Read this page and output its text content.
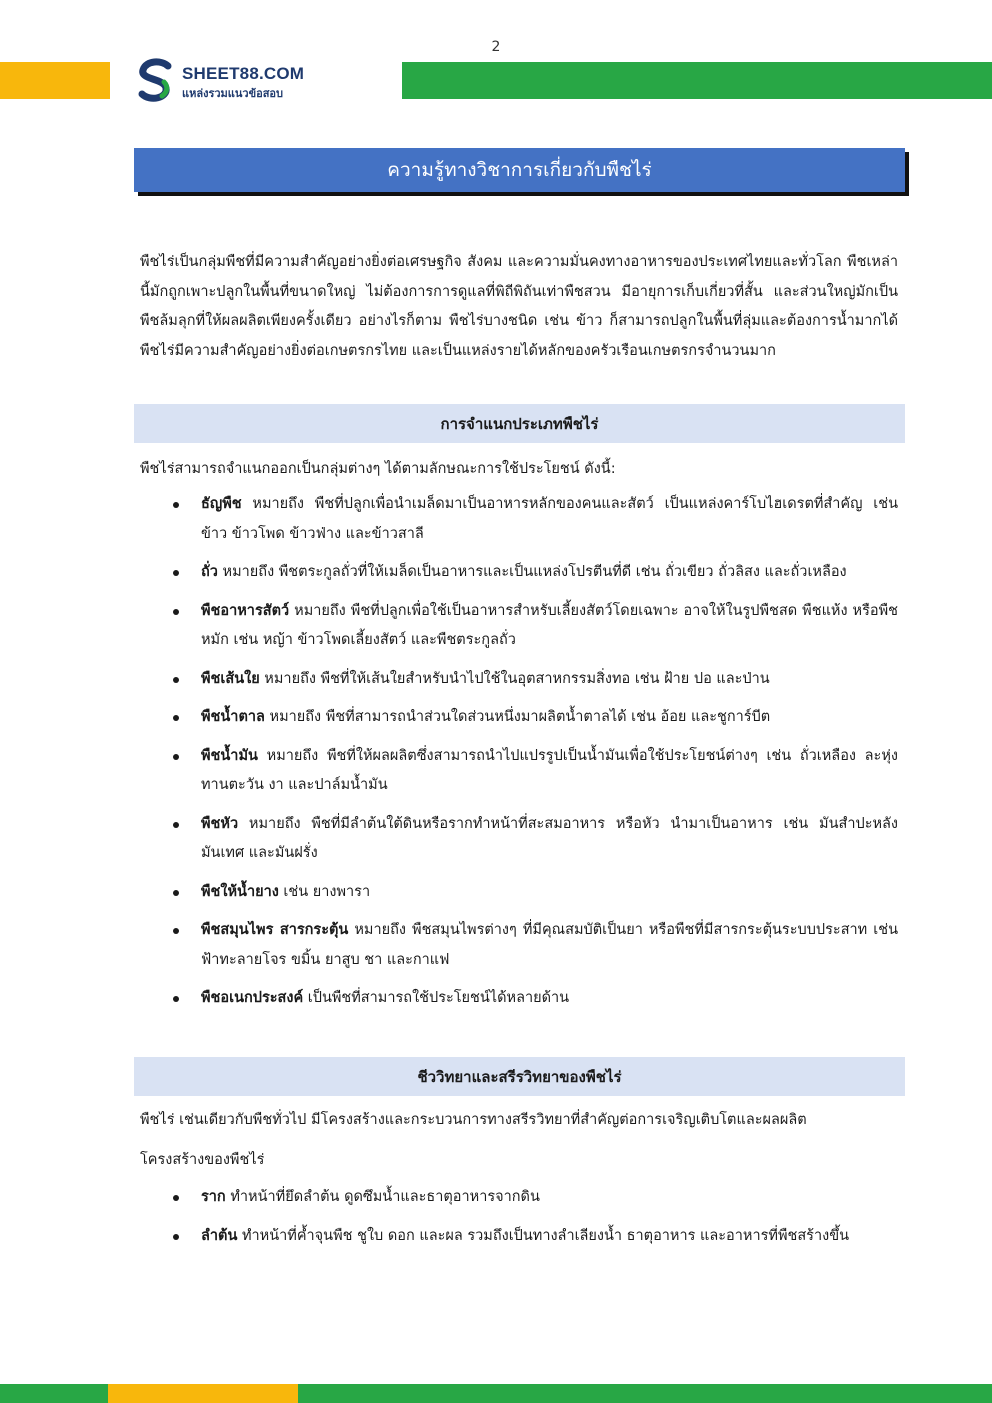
2
SHEET88.COM
แหล่งรวมแนวข้อสอบ
ความรู้ทางวิชาการเกี่ยวกับพืชไร่
พืชไร่เป็นกลุ่มพืชที่มีความสำคัญอย่างยิ่งต่อเศรษฐกิจ สังคม และความมั่นคงทางอาหารของประเทศไทยและทั่วโลก พืชเหล่านี้มักถูกเพาะปลูกในพื้นที่ขนาดใหญ่ ไม่ต้องการการดูแลที่พิถีพิถันเท่าพืชสวน มีอายุการเก็บเกี่ยวที่สั้น และส่วนใหญ่มักเป็นพืชล้มลุกที่ให้ผลผลิตเพียงครั้งเดียว อย่างไรก็ตาม พืชไร่บางชนิด เช่น ข้าว ก็สามารถปลูกในพื้นที่ลุ่มและต้องการน้ำมากได้ พืชไร่มีความสำคัญอย่างยิ่งต่อเกษตรกรไทย และเป็นแหล่งรายได้หลักของครัวเรือนเกษตรกรจำนวนมาก
การจำแนกประเภทพืชไร่
พืชไร่สามารถจำแนกออกเป็นกลุ่มต่างๆ ได้ตามลักษณะการใช้ประโยชน์ ดังนี้:
ธัญพืช หมายถึง พืชที่ปลูกเพื่อนำเมล็ดมาเป็นอาหารหลักของคนและสัตว์ เป็นแหล่งคาร์โบไฮเดรตที่สำคัญ เช่น ข้าว ข้าวโพด ข้าวฟ่าง และข้าวสาลี
ถั่ว หมายถึง พืชตระกูลถั่วที่ให้เมล็ดเป็นอาหารและเป็นแหล่งโปรตีนที่ดี เช่น ถั่วเขียว ถั่วลิสง และถั่วเหลือง
พืชอาหารสัตว์ หมายถึง พืชที่ปลูกเพื่อใช้เป็นอาหารสำหรับเลี้ยงสัตว์โดยเฉพาะ อาจให้ในรูปพืชสด พืชแห้ง หรือพืชหมัก เช่น หญ้า ข้าวโพดเลี้ยงสัตว์ และพืชตระกูลถั่ว
พืชเส้นใย หมายถึง พืชที่ให้เส้นใยสำหรับนำไปใช้ในอุตสาหกรรมสิ่งทอ เช่น ฝ้าย ปอ และป่าน
พืชน้ำตาล หมายถึง พืชที่สามารถนำส่วนใดส่วนหนึ่งมาผลิตน้ำตาลได้ เช่น อ้อย และชูการ์บีต
พืชน้ำมัน หมายถึง พืชที่ให้ผลผลิตซึ่งสามารถนำไปแปรรูปเป็นน้ำมันเพื่อใช้ประโยชน์ต่างๆ เช่น ถั่วเหลือง ละหุ่ง ทานตะวัน งา และปาล์มน้ำมัน
พืชหัว หมายถึง พืชที่มีลำต้นใต้ดินหรือรากทำหน้าที่สะสมอาหาร หรือหัว นำมาเป็นอาหาร เช่น มันสำปะหลัง มันเทศ และมันฝรั่ง
พืชให้น้ำยาง เช่น ยางพารา
พืชสมุนไพร สารกระตุ้น หมายถึง พืชสมุนไพรต่างๆ ที่มีคุณสมบัติเป็นยา หรือพืชที่มีสารกระตุ้นระบบประสาท เช่น ฟ้าทะลายโจร ขมิ้น ยาสูบ ชา และกาแฟ
พืชอเนกประสงค์ เป็นพืชที่สามารถใช้ประโยชน์ได้หลายด้าน
ชีววิทยาและสรีรวิทยาของพืชไร่
พืชไร่ เช่นเดียวกับพืชทั่วไป มีโครงสร้างและกระบวนการทางสรีรวิทยาที่สำคัญต่อการเจริญเติบโตและผลผลิต
โครงสร้างของพืชไร่
ราก ทำหน้าที่ยึดลำต้น ดูดซึมน้ำและธาตุอาหารจากดิน
ลำต้น ทำหน้าที่ค้ำจุนพืช ชูใบ ดอก และผล รวมถึงเป็นทางลำเลียงน้ำ ธาตุอาหาร และอาหารที่พืชสร้างขึ้น
